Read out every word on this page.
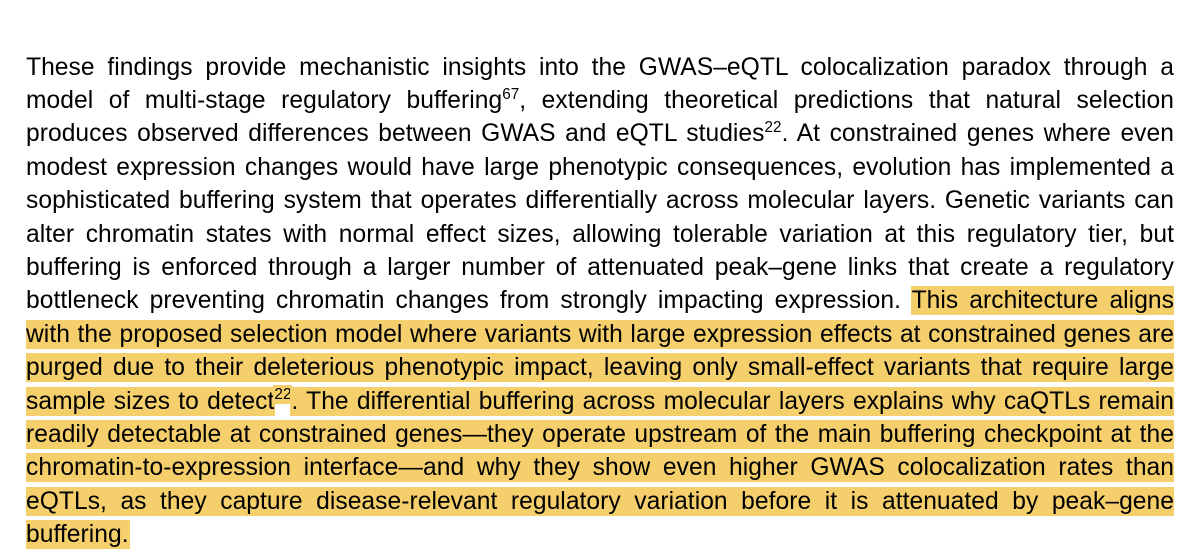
These findings provide mechanistic insights into the GWAS–eQTL colocalization paradox through a model of multi-stage regulatory buffering$^{67}$, extending theoretical predictions that natural selection produces observed differences between GWAS and eQTL studies$^{22}$. At constrained genes where even modest expression changes would have large phenotypic consequences, evolution has implemented a sophisticated buffering system that operates differentially across molecular layers. Genetic variants can alter chromatin states with normal effect sizes, allowing tolerable variation at this regulatory tier, but buffering is enforced through a larger number of attenuated peak–gene links that create a regulatory bottleneck preventing chromatin changes from strongly impacting expression. This architecture aligns with the proposed selection model where variants with large expression effects at constrained genes are purged due to their deleterious phenotypic impact, leaving only small-effect variants that require large sample sizes to detect$^{22}$. The differential buffering across molecular layers explains why caQTLs remain readily detectable at constrained genes—they operate upstream of the main buffering checkpoint at the chromatin-to-expression interface—and why they show even higher GWAS colocalization rates than eQTLs, as they capture disease-relevant regulatory variation before it is attenuated by peak–gene buffering.
